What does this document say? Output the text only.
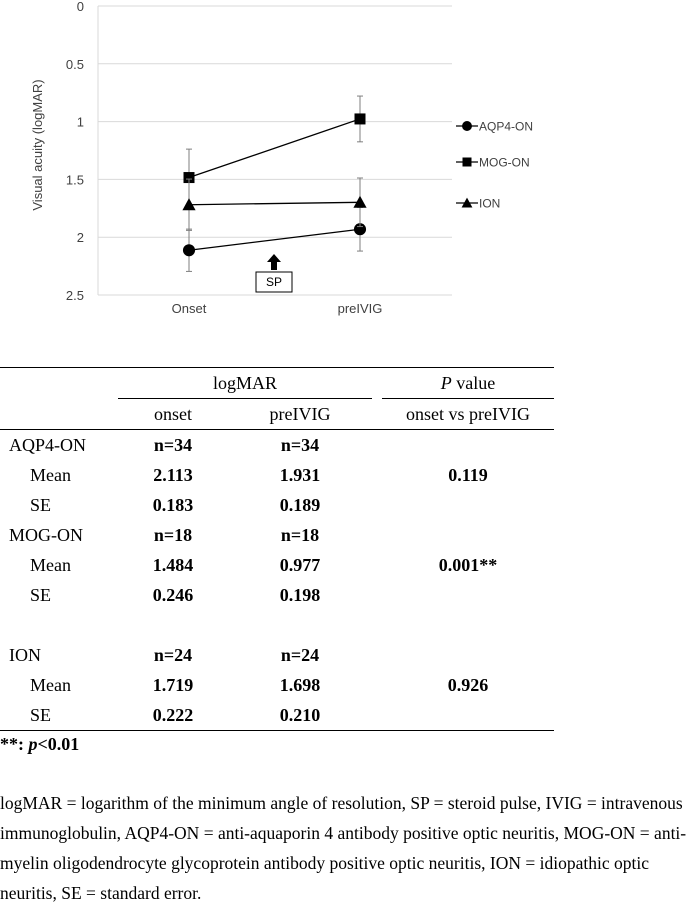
0
0.5
1
1.5
2
2.5
Onset	preIVIG
Visual acuity (logMAR)
SP
AQP4-ON
MOG-ON
ION
	logMAR			P value
	onset	preIVIG		onset vs preIVIG
AQP4-ON	n=34	n=34		
Mean	2.113	1.931		0.119
SE	0.183	0.189		
MOG-ON	n=18	n=18		
Mean	1.484	0.977		0.001**
SE	0.246	0.198		

ION	n=24	n=24		
Mean	1.719	1.698		0.926
SE	0.222	0.210		
**: p<0.01
logMAR = logarithm of the minimum angle of resolution, SP = steroid pulse, IVIG = intravenous immunoglobulin, AQP4-ON = anti-aquaporin 4 antibody positive optic neuritis, MOG-ON = anti-myelin oligodendrocyte glycoprotein antibody positive optic neuritis, ION = idiopathic optic neuritis, SE = standard error.
